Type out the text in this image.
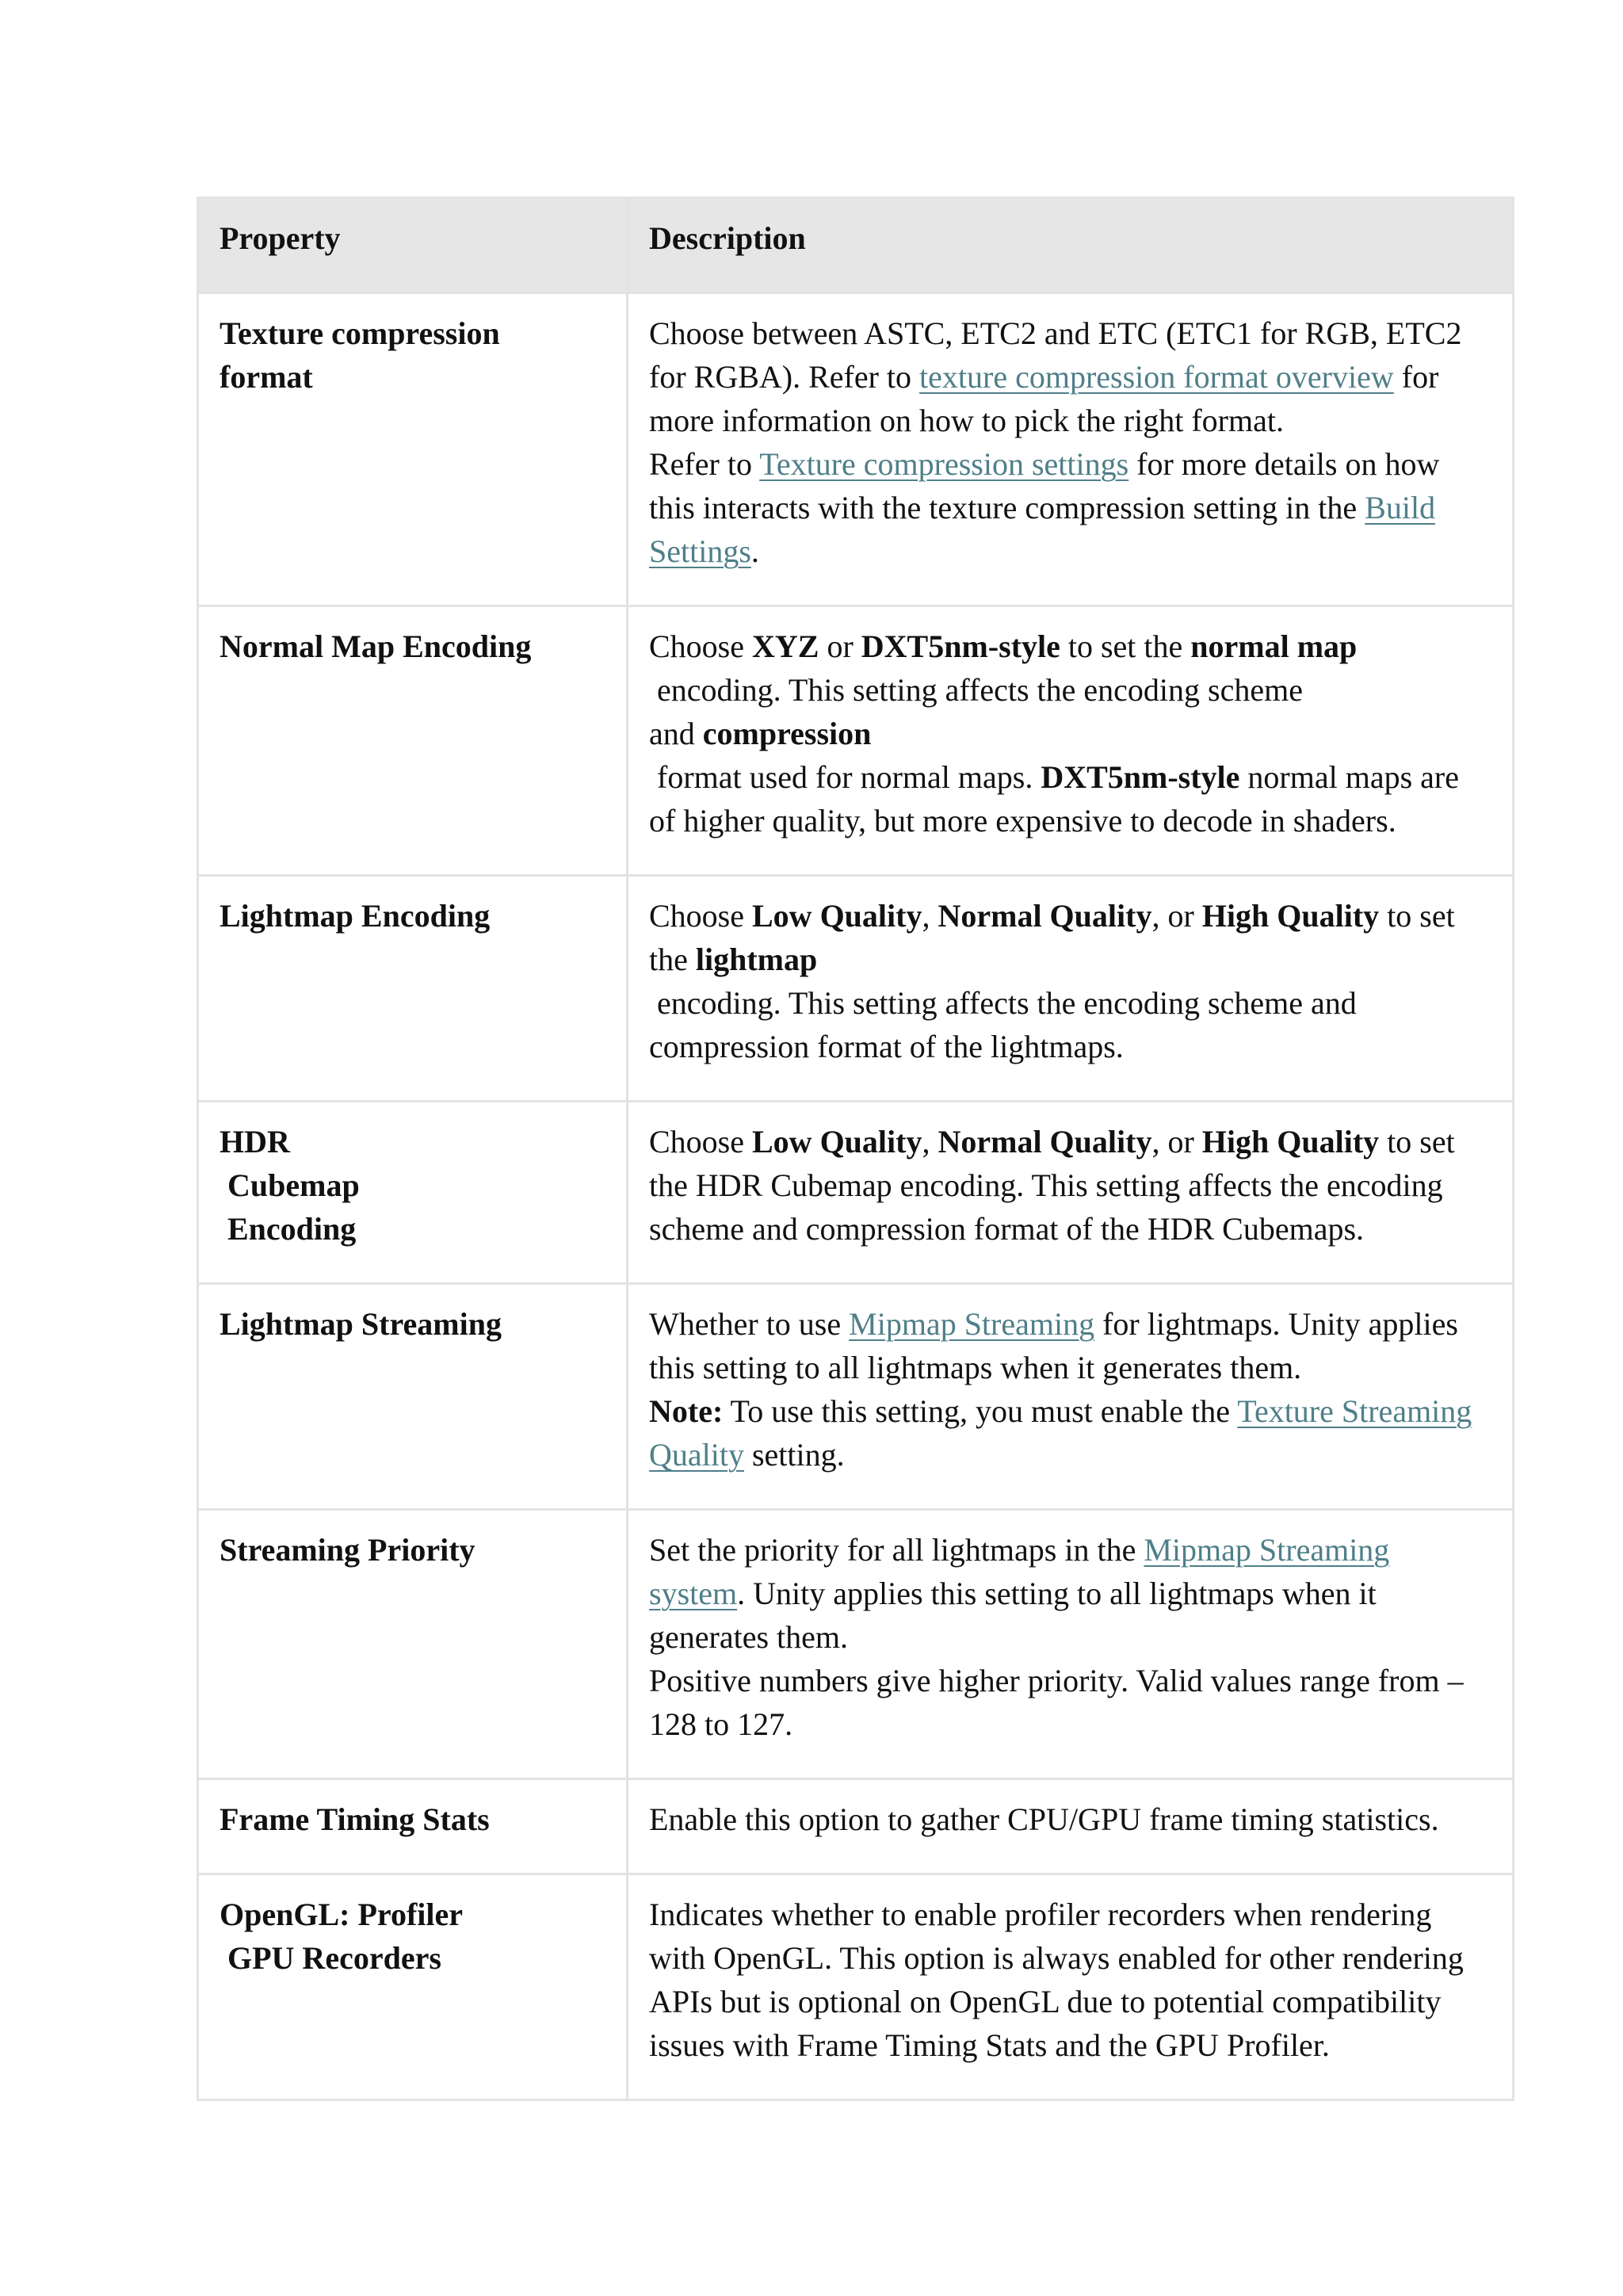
Property	Description

Texture compression
format	Choose between ASTC, ETC2 and ETC (ETC1 for RGB, ETC2 for RGBA). Refer to texture compression format overview for more information on how to pick the right format.
Refer to Texture compression settings for more details on how this interacts with the texture compression setting in the Build Settings.

Normal Map Encoding	Choose XYZ or DXT5nm-style to set the normal map
encoding. This setting affects the encoding scheme
and compression
format used for normal maps. DXT5nm-style normal maps are of higher quality, but more expensive to decode in shaders.

Lightmap Encoding	Choose Low Quality, Normal Quality, or High Quality to set the lightmap
encoding. This setting affects the encoding scheme and compression format of the lightmaps.

HDR
Cubemap
Encoding	Choose Low Quality, Normal Quality, or High Quality to set the HDR Cubemap encoding. This setting affects the encoding scheme and compression format of the HDR Cubemaps.

Lightmap Streaming	Whether to use Mipmap Streaming for lightmaps. Unity applies this setting to all lightmaps when it generates them.
Note: To use this setting, you must enable the Texture Streaming Quality setting.

Streaming Priority	Set the priority for all lightmaps in the Mipmap Streaming system. Unity applies this setting to all lightmaps when it generates them.
Positive numbers give higher priority. Valid values range from –128 to 127.

Frame Timing Stats	Enable this option to gather CPU/GPU frame timing statistics.

OpenGL: Profiler
GPU Recorders	Indicates whether to enable profiler recorders when rendering with OpenGL. This option is always enabled for other rendering APIs but is optional on OpenGL due to potential compatibility issues with Frame Timing Stats and the GPU Profiler.
